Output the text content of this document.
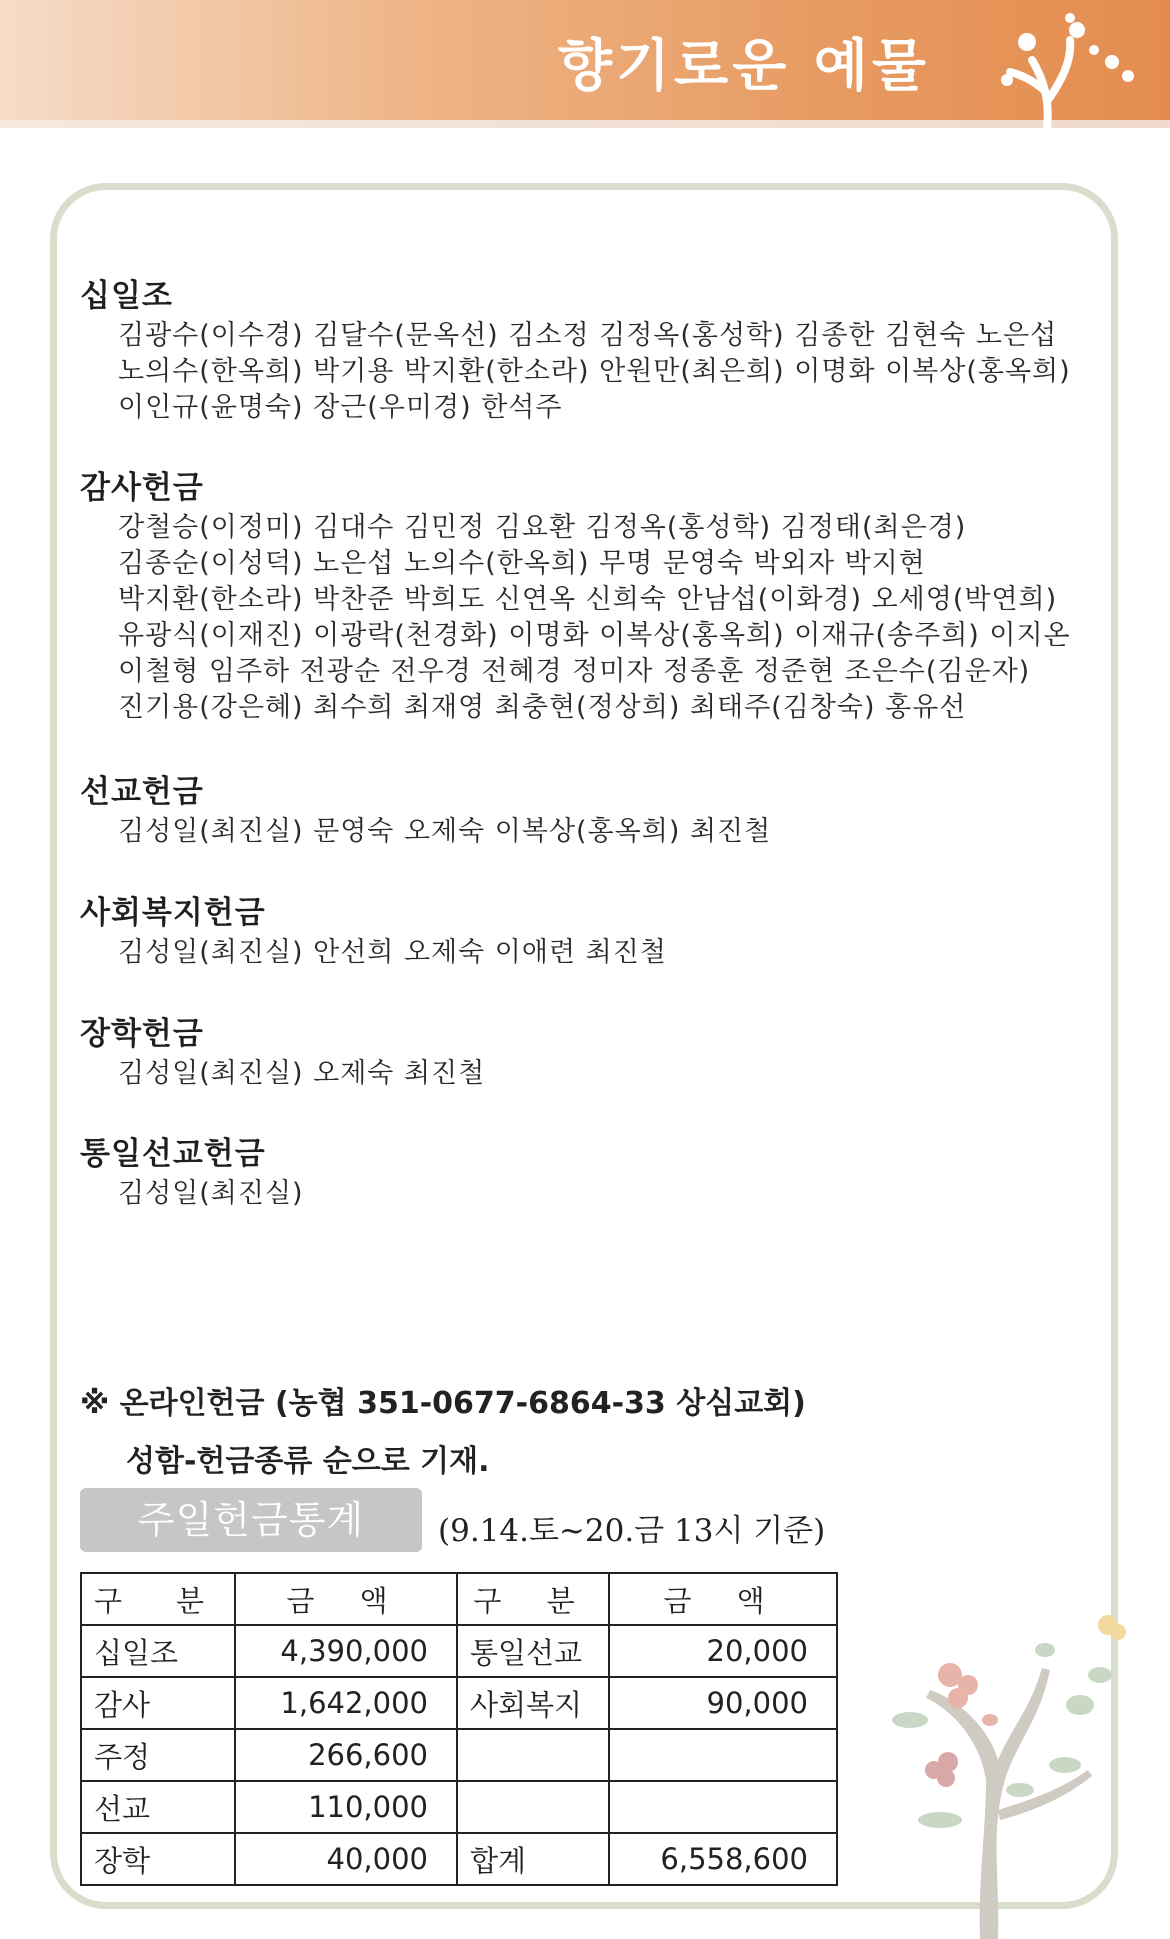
향기로운 예물
십일조
김광수(이수경) 김달수(문옥선) 김소정 김정옥(홍성학) 김종한 김현숙 노은섭
노의수(한옥희) 박기용 박지환(한소라) 안원만(최은희) 이명화 이복상(홍옥희)
이인규(윤명숙) 장근(우미경) 한석주
감사헌금
강철승(이정미) 김대수 김민정 김요환 김정옥(홍성학) 김정태(최은경)
김종순(이성덕) 노은섭 노의수(한옥희) 무명 문영숙 박외자 박지현
박지환(한소라) 박찬준 박희도 신연옥 신희숙 안남섭(이화경) 오세영(박연희)
유광식(이재진) 이광락(천경화) 이명화 이복상(홍옥희) 이재규(송주희) 이지온
이철형 임주하 전광순 전우경 전혜경 정미자 정종훈 정준현 조은수(김운자)
진기용(강은혜) 최수희 최재영 최충현(정상희) 최태주(김창숙) 홍유선
선교헌금
김성일(최진실) 문영숙 오제숙 이복상(홍옥희) 최진철
사회복지헌금
김성일(최진실) 안선희 오제숙 이애련 최진철
장학헌금
김성일(최진실) 오제숙 최진철
통일선교헌금
김성일(최진실)
※ 온라인헌금 (농협 351-0677-6864-33 상심교회)
성함-헌금종류 순으로 기재.
주일헌금통계	(9.14.토~20.금 13시 기준)
구 분	금 액	구 분	금 액
십일조	4,390,000	통일선교	20,000
감사	1,642,000	사회복지	90,000
주정	266,600		
선교	110,000		
장학	40,000	합계	6,558,600
